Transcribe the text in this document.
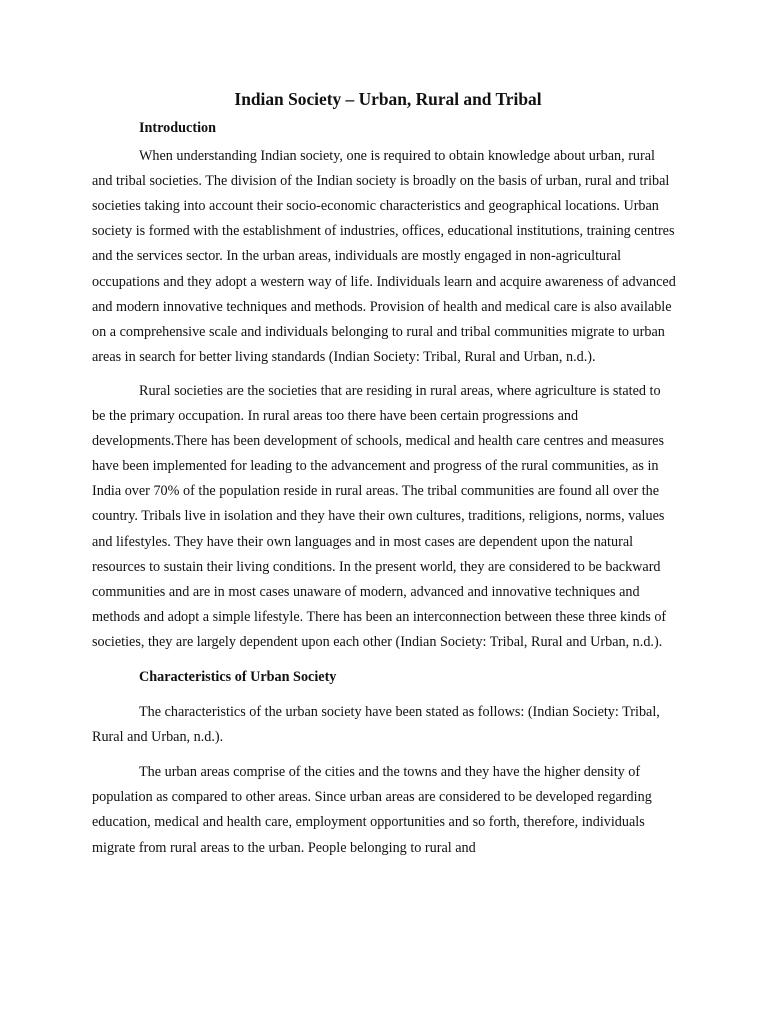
Indian Society – Urban, Rural and Tribal

Introduction

When understanding Indian society, one is required to obtain knowledge about urban, rural and tribal societies. The division of the Indian society is broadly on the basis of urban, rural and tribal societies taking into account their socio-economic characteristics and geographical locations. Urban society is formed with the establishment of industries, offices, educational institutions, training centres and the services sector. In the urban areas, individuals are mostly engaged in non-agricultural occupations and they adopt a western way of life. Individuals learn and acquire awareness of advanced and modern innovative techniques and methods. Provision of health and medical care is also available on a comprehensive scale and individuals belonging to rural and tribal communities migrate to urban areas in search for better living standards (Indian Society: Tribal, Rural and Urban, n.d.).

Rural societies are the societies that are residing in rural areas, where agriculture is stated to be the primary occupation. In rural areas too there have been certain progressions and developments.There has been development of schools, medical and health care centres and measures have been implemented for leading to the advancement and progress of the rural communities, as in India over 70% of the population reside in rural areas. The tribal communities are found all over the country. Tribals live in isolation and they have their own cultures, traditions, religions, norms, values and lifestyles. They have their own languages and in most cases are dependent upon the natural resources to sustain their living conditions. In the present world, they are considered to be backward communities and are in most cases unaware of modern, advanced and innovative techniques and methods and adopt a simple lifestyle. There has been an interconnection between these three kinds of societies, they are largely dependent upon each other (Indian Society: Tribal, Rural and Urban, n.d.).

Characteristics of Urban Society

The characteristics of the urban society have been stated as follows: (Indian Society: Tribal, Rural and Urban, n.d.).

The urban areas comprise of the cities and the towns and they have the higher density of population as compared to other areas. Since urban areas are considered to be developed regarding education, medical and health care, employment opportunities and so forth, therefore, individuals migrate from rural areas to the urban. People belonging to rural and
